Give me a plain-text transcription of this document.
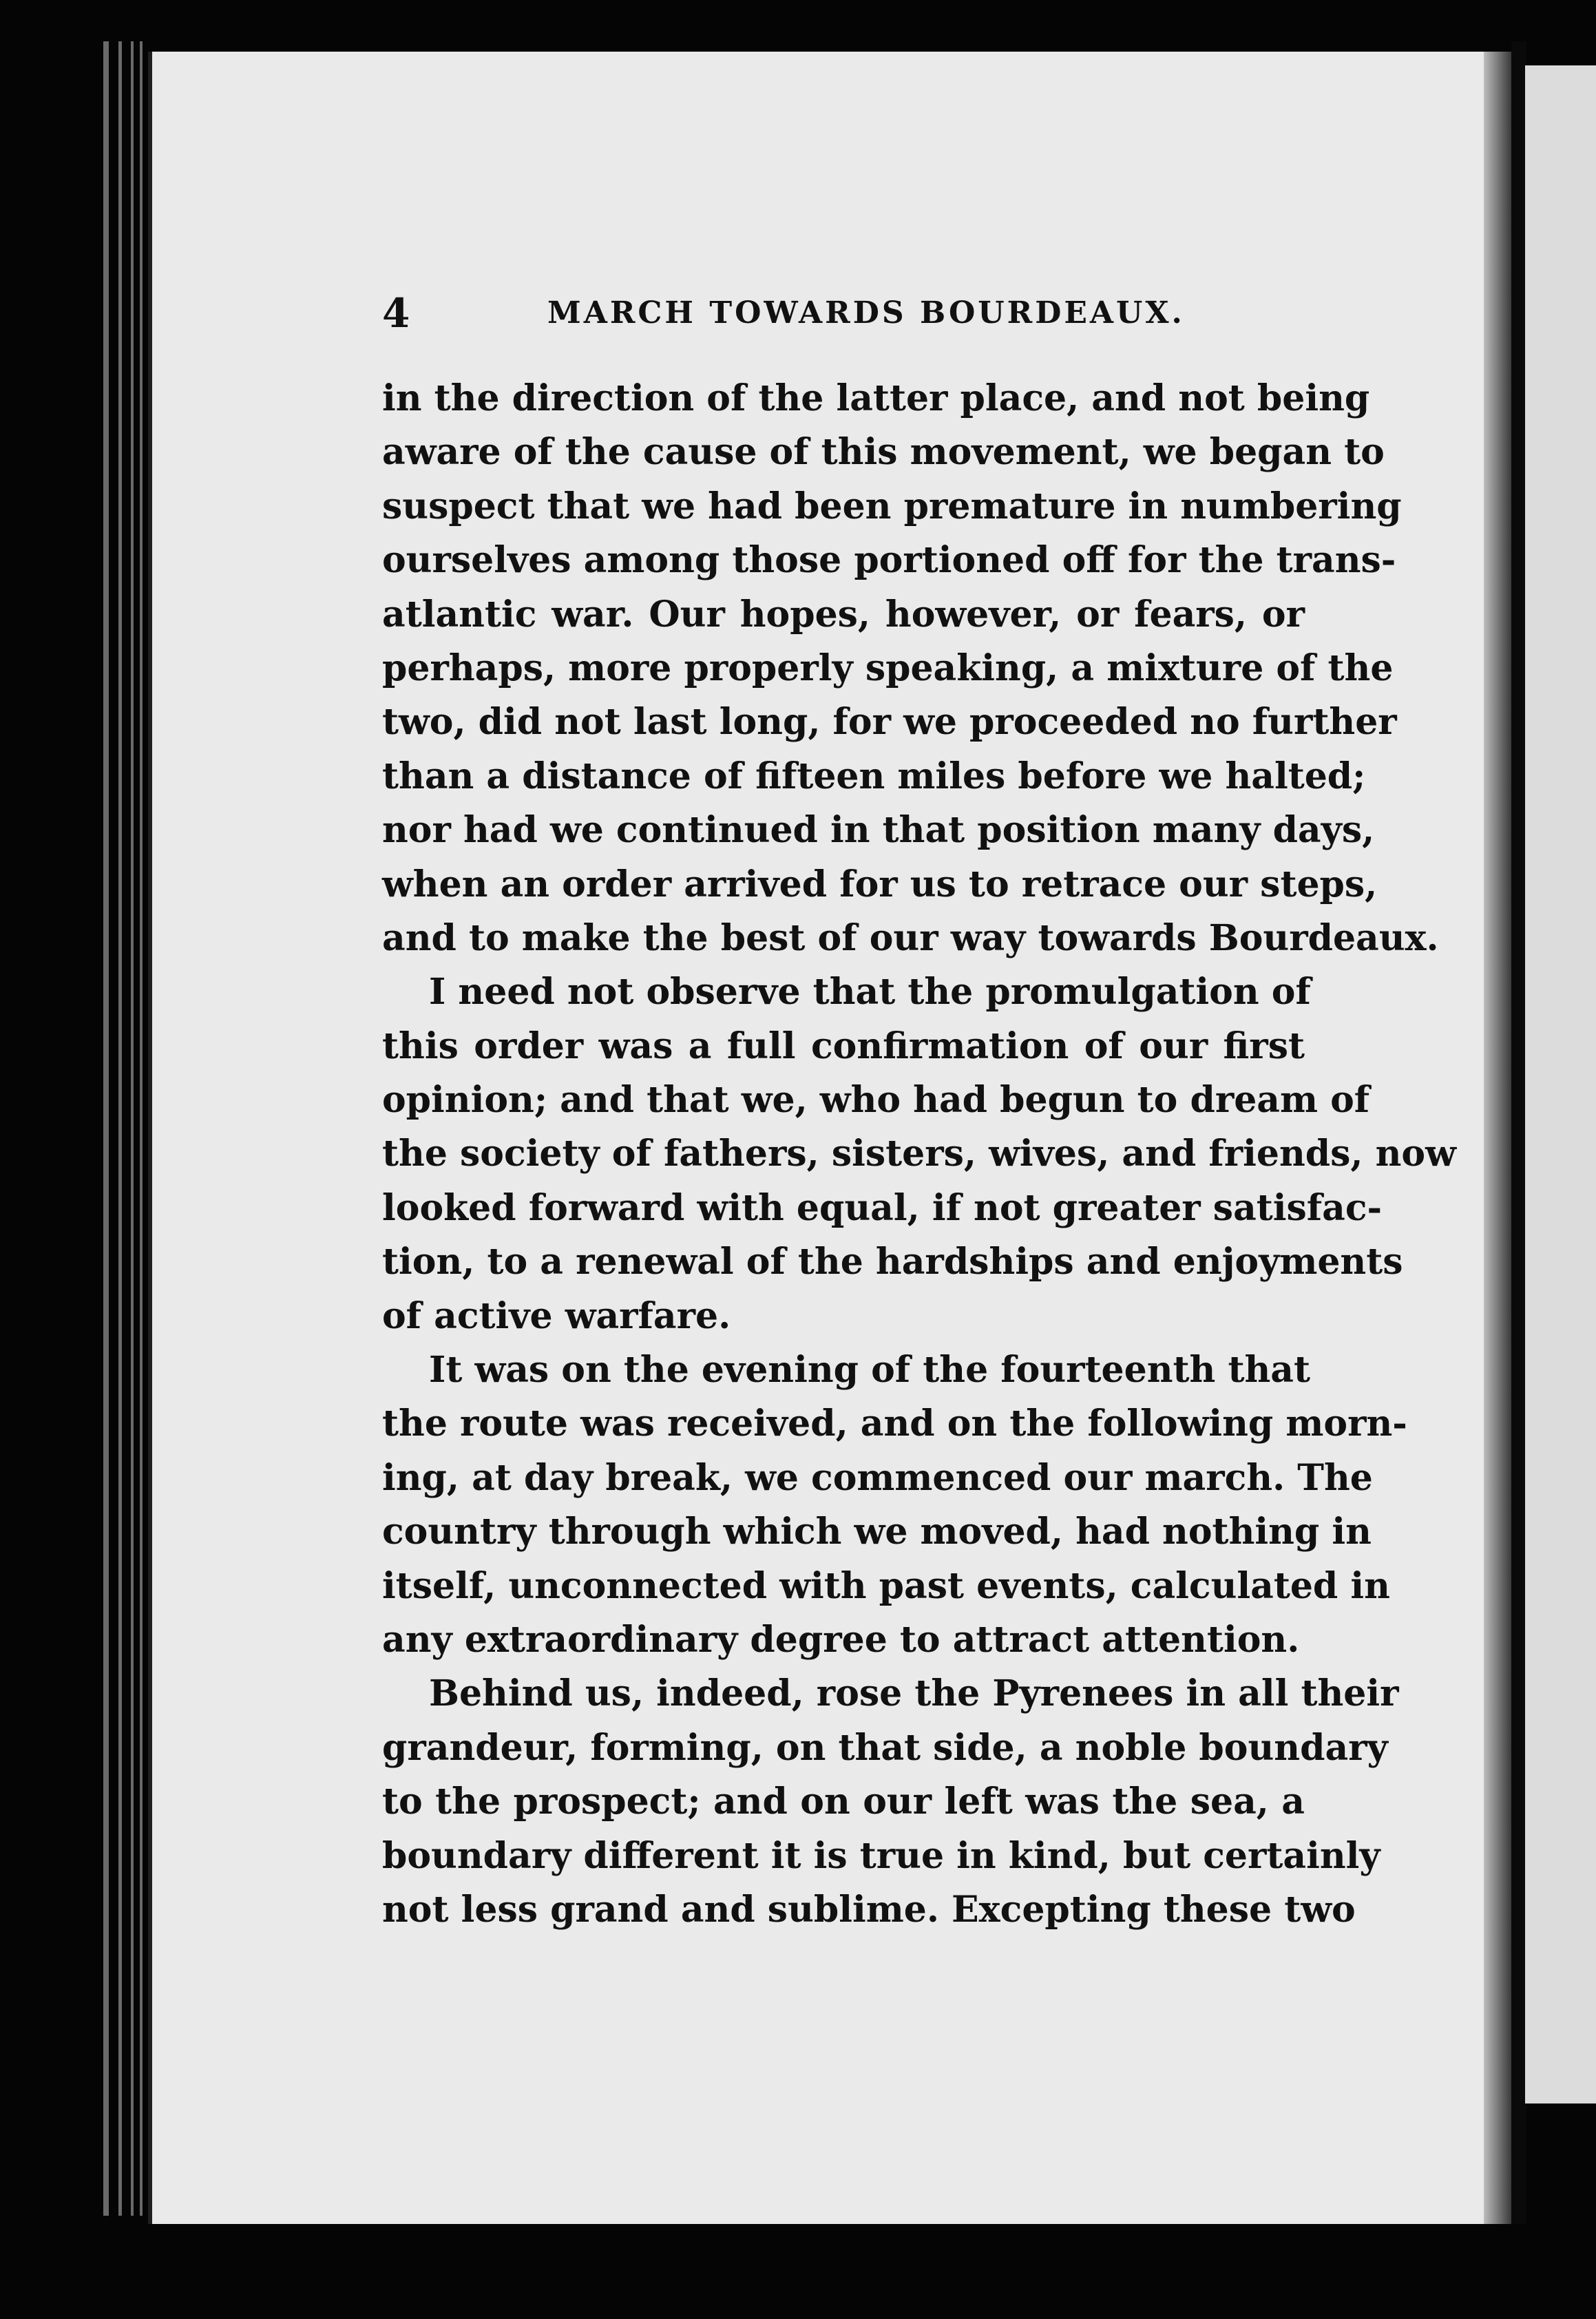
4	MARCH TOWARDS BOURDEAUX.
in the direction of the latter place, and not being
aware of the cause of this movement, we began to
suspect that we had been premature in numbering
ourselves among those portioned off for the trans-
atlantic war. Our hopes, however, or fears, or
perhaps, more properly speaking, a mixture of the
two, did not last long, for we proceeded no further
than a distance of fifteen miles before we halted;
nor had we continued in that position many days,
when an order arrived for us to retrace our steps,
and to make the best of our way towards Bourdeaux.
I need not observe that the promulgation of
this order was a full confirmation of our first
opinion; and that we, who had begun to dream of
the society of fathers, sisters, wives, and friends, now
looked forward with equal, if not greater satisfac-
tion, to a renewal of the hardships and enjoyments
of active warfare.
It was on the evening of the fourteenth that
the route was received, and on the following morn-
ing, at day break, we commenced our march. The
country through which we moved, had nothing in
itself, unconnected with past events, calculated in
any extraordinary degree to attract attention.
Behind us, indeed, rose the Pyrenees in all their
grandeur, forming, on that side, a noble boundary
to the prospect; and on our left was the sea, a
boundary different it is true in kind, but certainly
not less grand and sublime. Excepting these two
